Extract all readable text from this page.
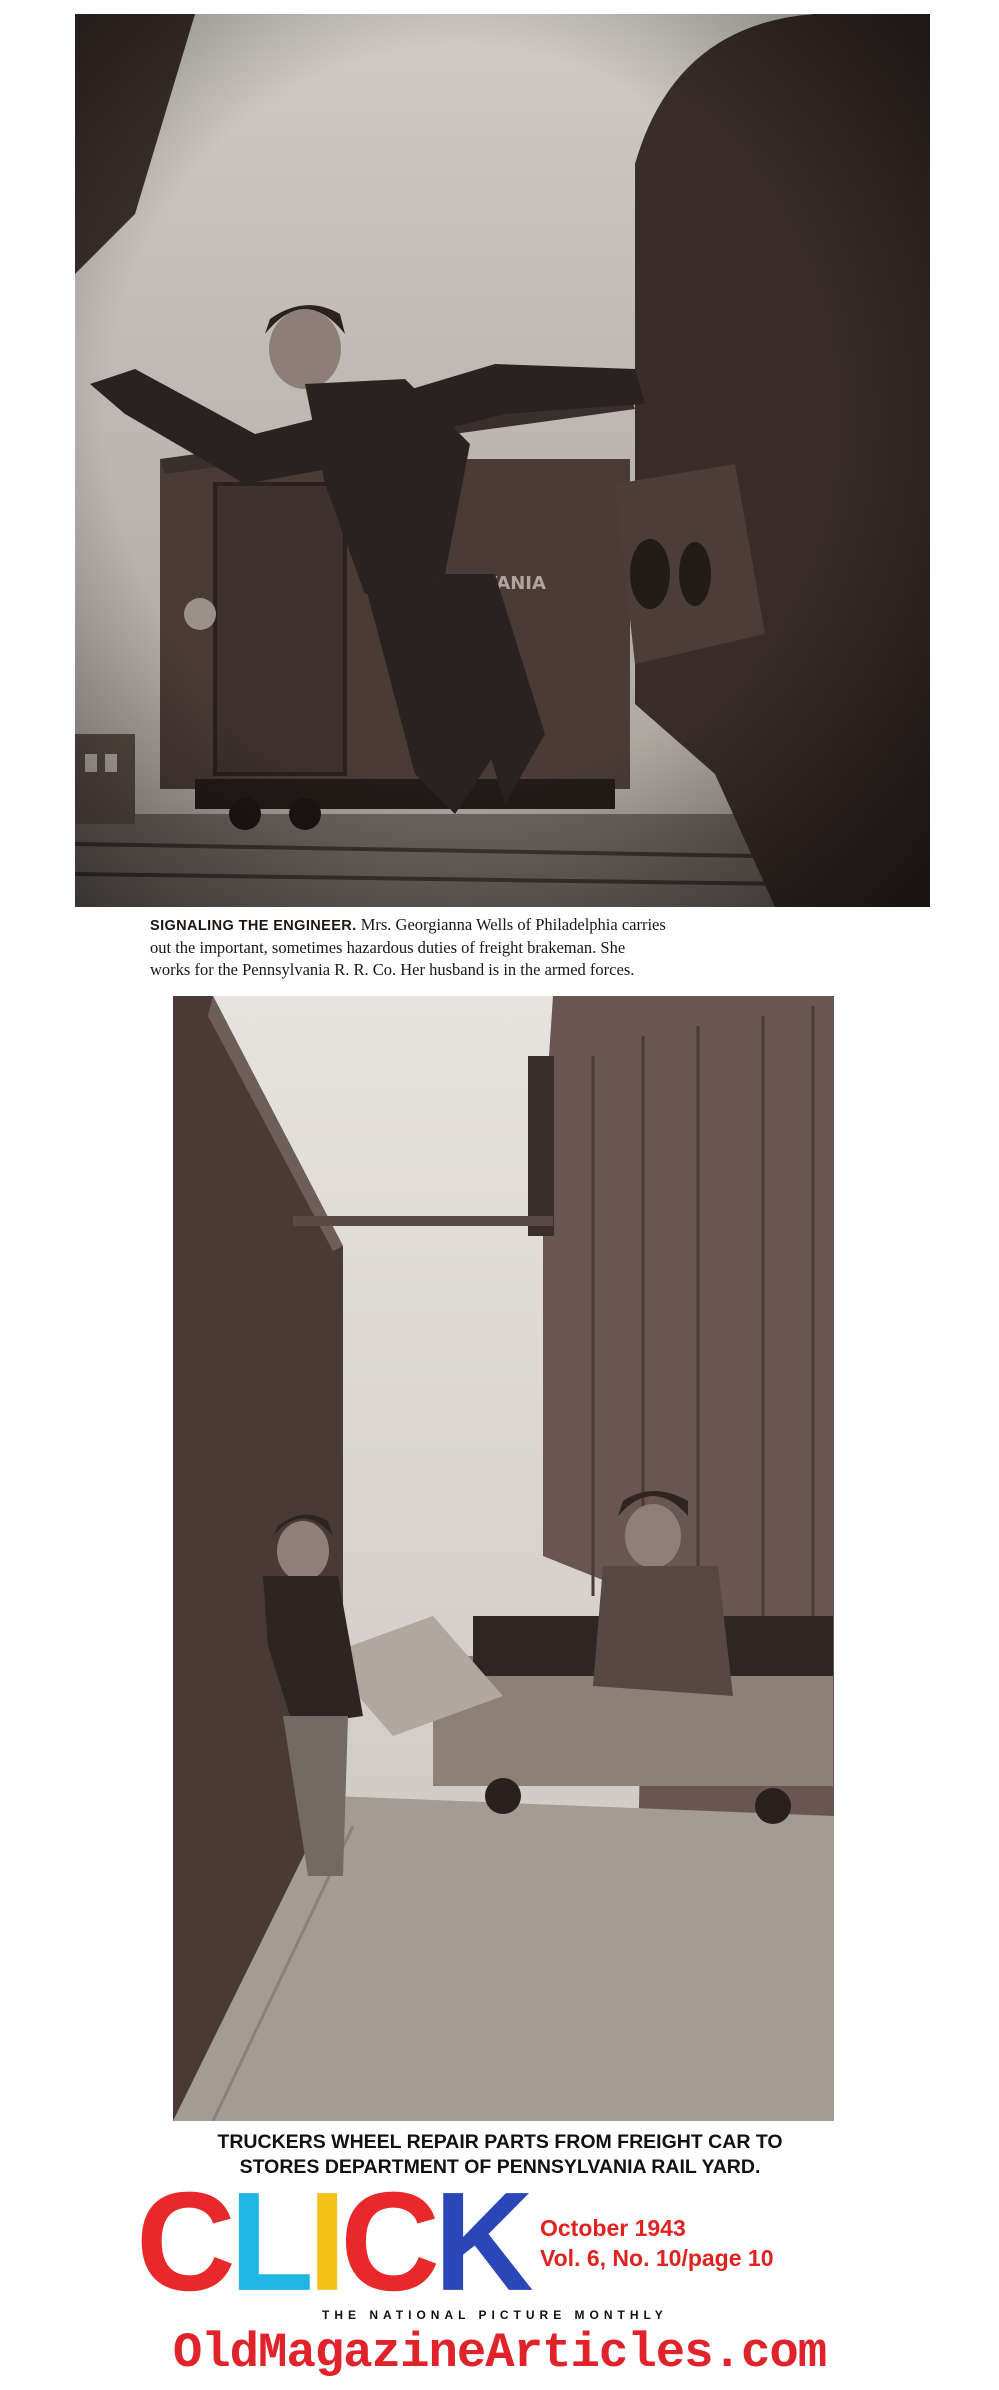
SIGNALING THE ENGINEER. Mrs. Georgianna Wells of Philadelphia carries
out the important, sometimes hazardous duties of freight brakeman. She
works for the Pennsylvania R. R. Co. Her husband is in the armed forces.
TRUCKERS WHEEL REPAIR PARTS FROM FREIGHT CAR TO
STORES DEPARTMENT OF PENNSYLVANIA RAIL YARD.
CLICK October 1943
Vol. 6, No. 10/page 10
THE NATIONAL PICTURE MONTHLY
OldMagazineArticles.com
